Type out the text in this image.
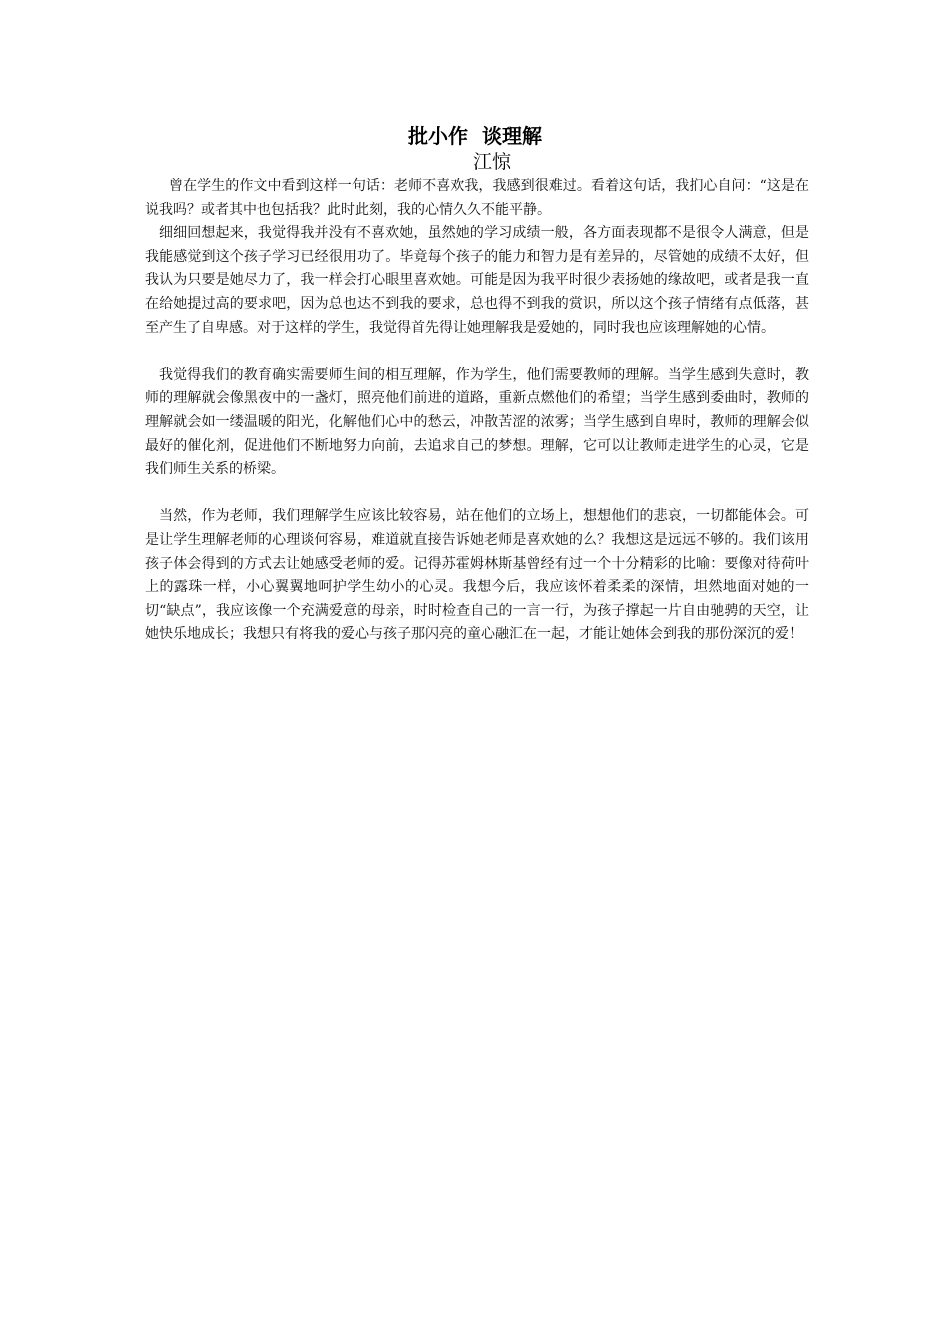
批小作  谈理解
江惊

曾在学生的作文中看到这样一句话：老师不喜欢我，我感到很难过。看着这句话，我扪心自问：“这是在说我吗？或者其中也包括我？此时此刻，我的心情久久不能平静。

细细回想起来，我觉得我并没有不喜欢她，虽然她的学习成绩一般，各方面表现都不是很令人满意，但是我能感觉到这个孩子学习已经很用功了。毕竟每个孩子的能力和智力是有差异的，尽管她的成绩不太好，但我认为只要是她尽力了，我一样会打心眼里喜欢她。可能是因为我平时很少表扬她的缘故吧，或者是我一直在给她提过高的要求吧，因为总也达不到我的要求，总也得不到我的赏识，所以这个孩子情绪有点低落，甚至产生了自卑感。对于这样的学生，我觉得首先得让她理解我是爱她的，同时我也应该理解她的心情。

我觉得我们的教育确实需要师生间的相互理解，作为学生，他们需要教师的理解。当学生感到失意时，教师的理解就会像黑夜中的一盏灯，照亮他们前进的道路，重新点燃他们的希望；当学生感到委曲时，教师的理解就会如一缕温暖的阳光，化解他们心中的愁云，冲散苦涩的浓雾；当学生感到自卑时，教师的理解会似最好的催化剂，促进他们不断地努力向前，去追求自己的梦想。理解，它可以让教师走进学生的心灵，它是我们师生关系的桥梁。

当然，作为老师，我们理解学生应该比较容易，站在他们的立场上，想想他们的悲哀，一切都能体会。可是让学生理解老师的心理谈何容易，难道就直接告诉她老师是喜欢她的么？我想这是远远不够的。我们该用孩子体会得到的方式去让她感受老师的爱。记得苏霍姆林斯基曾经有过一个十分精彩的比喻：要像对待荷叶上的露珠一样，小心翼翼地呵护学生幼小的心灵。我想今后，我应该怀着柔柔的深情，坦然地面对她的一切“缺点”，我应该像一个充满爱意的母亲，时时检查自己的一言一行，为孩子撑起一片自由驰骋的天空，让她快乐地成长；我想只有将我的爱心与孩子那闪亮的童心融汇在一起，才能让她体会到我的那份深沉的爱！
